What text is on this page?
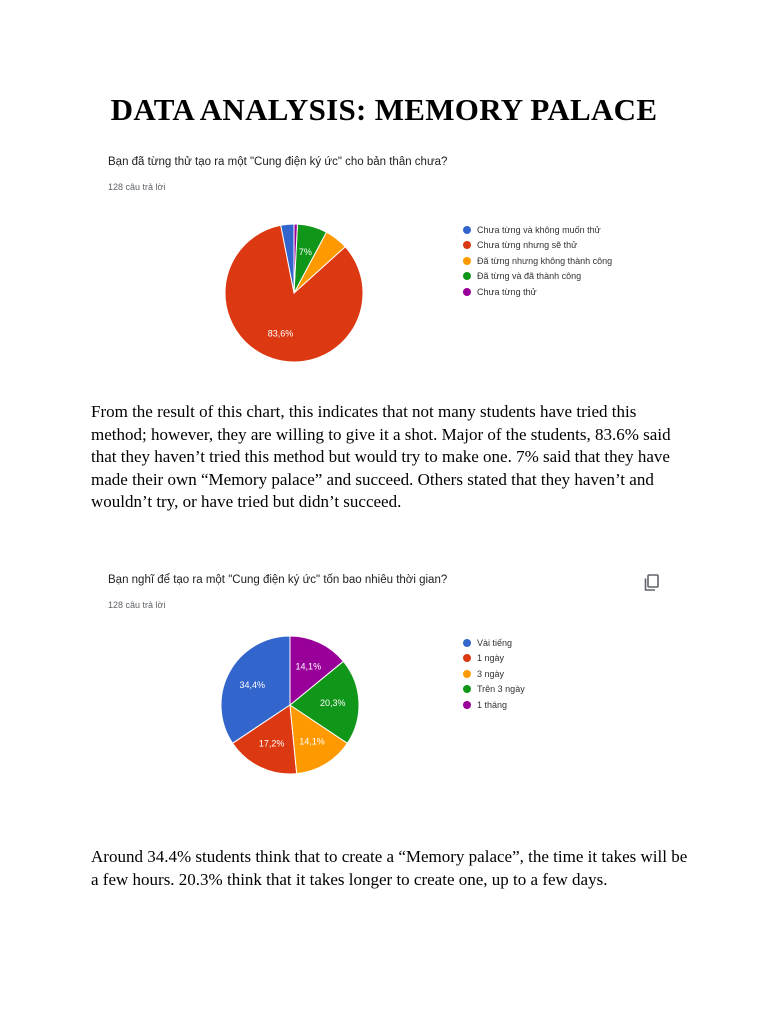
DATA ANALYSIS: MEMORY PALACE
Bạn đã từng thử tạo ra một "Cung điện ký ức" cho bản thân chưa?
128 câu trả lời
83,6%
7%
Chưa từng và không muốn thử
Chưa từng nhưng sẽ thử
Đã từng nhưng không thành công
Đã từng và đã thành công
Chưa từng thử
From the result of this chart, this indicates that not many students have tried this method; however, they are willing to give it a shot. Major of the students, 83.6% said that they haven’t tried this method but would try to make one. 7% said that they have made their own “Memory palace” and succeed. Others stated that they haven’t and wouldn’t try, or have tried but didn’t succeed.
Bạn nghĩ để tạo ra một "Cung điện ký ức" tốn bao nhiêu thời gian?
128 câu trả lời
34,4%
17,2% 14,1%
20,3%
14,1%
Vài tiếng
1 ngày
3 ngày
Trên 3 ngày
1 tháng
Around 34.4% students think that to create a “Memory palace”, the time it takes will be a few hours. 20.3% think that it takes longer to create one, up to a few days.
